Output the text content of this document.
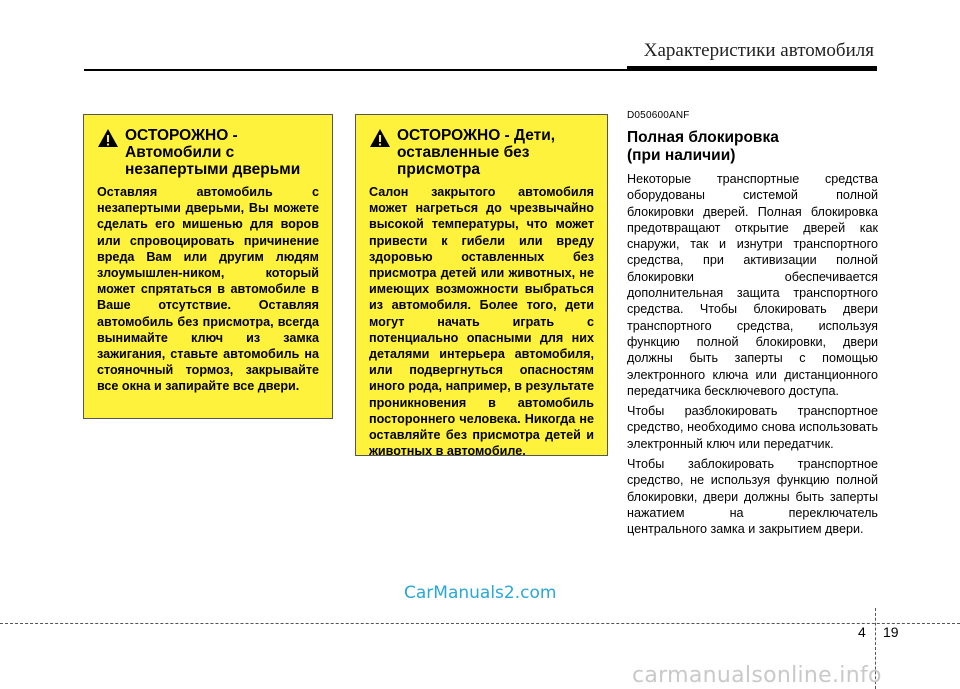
Характеристики автомобиля
ОСТОРОЖНО -
Автомобили с
незапертыми дверьми
Оставляя автомобиль с незапертыми дверьми, Вы можете сделать его мишенью для воров или спровоцировать причинение вреда Вам или другим людям злоумышлен-ником, который может спрятаться в автомобиле в Ваше отсутствие. Оставляя автомобиль без присмотра, всегда вынимайте ключ из замка зажигания, ставьте автомобиль на стояночный тормоз, закрывайте все окна и запирайте все двери.
ОСТОРОЖНО - Дети,
оставленные без
присмотра
Салон закрытого автомобиля может нагреться до чрезвычайно высокой температуры, что может привести к гибели или вреду здоровью оставленных без присмотра детей или животных, не имеющих возможности выбраться из автомобиля. Более того, дети могут начать играть с потенциально опасными для них деталями интерьера автомобиля, или подвергнуться опасностям иного рода, например, в результате проникновения в автомобиль постороннего человека. Никогда не оставляйте без присмотра детей и животных в автомобиле.
D050600ANF
Полная блокировка
(при наличии)

Некоторые транспортные средства оборудованы системой полной блокировки дверей. Полная блокировка предотвращают открытие дверей как снаружи, так и изнутри транспортного средства, при активизации полной блокировки обеспечивается дополнительная защита транспортного средства. Чтобы блокировать двери транспортного средства, используя функцию полной блокировки, двери должны быть заперты с помощью электронного ключа или дистанционного передатчика бесключевого доступа.

Чтобы разблокировать транспортное средство, необходимо снова использовать электронный ключ или передатчик.

Чтобы заблокировать транспортное средство, не используя функцию полной блокировки, двери должны быть заперты нажатием на переключатель центрального замка и закрытием двери.

CarManuals2.com
4 19
carmanualsonline.info
